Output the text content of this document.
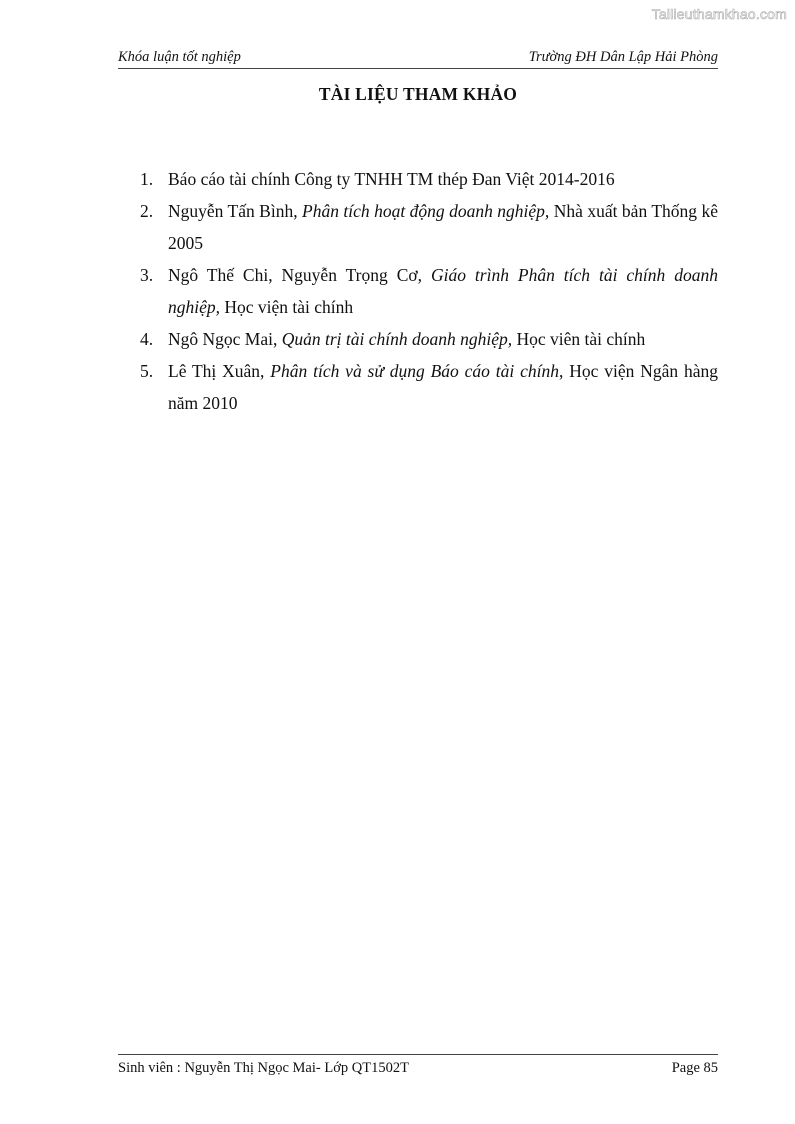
Tailieuthamkhao.com
Khóa luận tốt nghiệp	Trường ĐH Dân Lập Hải Phòng
TÀI LIỆU THAM KHẢO
1. Báo cáo tài chính Công ty TNHH TM thép Đan Việt 2014-2016
2. Nguyễn Tấn Bình, Phân tích hoạt động doanh nghiệp, Nhà xuất bản Thống kê 2005
3. Ngô Thế Chi, Nguyễn Trọng Cơ, Giáo trình Phân tích tài chính doanh nghiệp, Học viện tài chính
4. Ngô Ngọc Mai, Quản trị tài chính doanh nghiệp, Học viên tài chính
5. Lê Thị Xuân, Phân tích và sử dụng Báo cáo tài chính, Học viện Ngân hàng năm 2010
Sinh viên : Nguyễn Thị Ngọc Mai- Lớp QT1502T	Page 85
